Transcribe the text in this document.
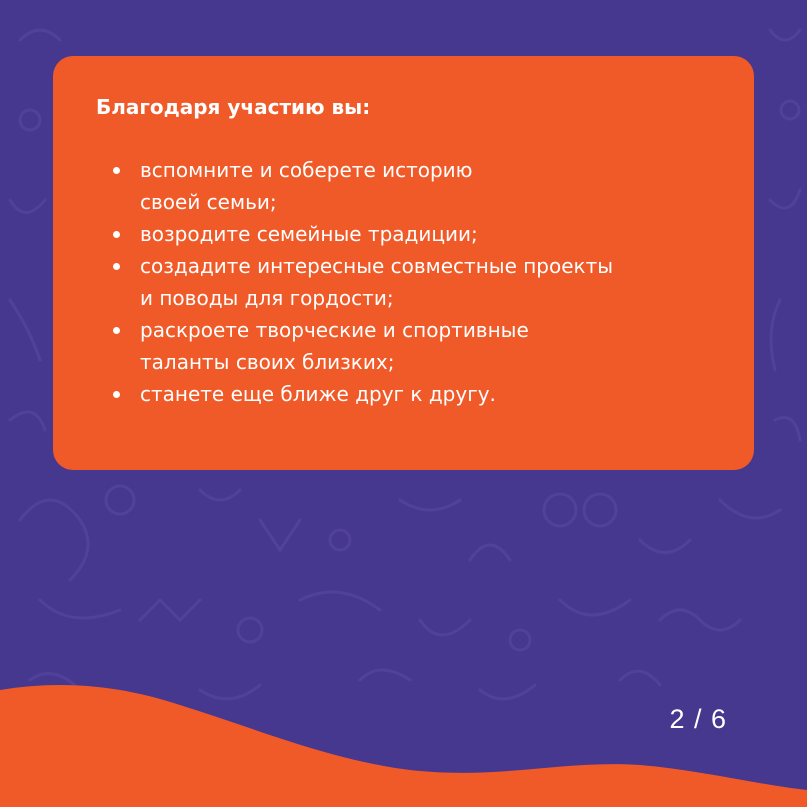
Благодаря участию вы:
вспомните и соберете историю
своей семьи;
возродите семейные традиции;
создадите интересные совместные проекты
и поводы для гордости;
раскроете творческие и спортивные
таланты своих близких;
станете еще ближе друг к другу.
2 / 6
